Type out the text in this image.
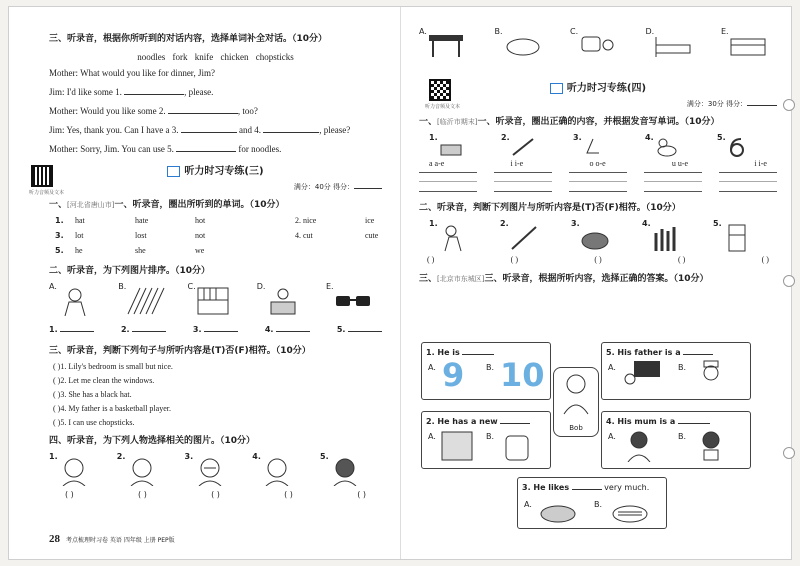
三、听录音，根据你所听到的对话内容，选择单词补全对话。（10分）
noodles fork knife chicken chopsticks
Mother: What would you like for dinner, Jim?
Jim: I'd like some 1.	, please.
Mother: Would you like some 2.	, too?
Jim: Yes, thank you. Can I have a 3.	and 4.	, please?
Mother: Sorry, Jim. You can use 5.	for noodles.
听力音频及文本
听力时习专练(三)
满分：40分 得分：
一、[河北省唐山市]一、听录音，圈出所听到的单词。（10分）
1.	hat	hate	hot	2. nice	ice
3.	lot	lost	not	4. cut	cute
5.	he	she	we
二、听录音，为下列图片排序。（10分）
A.	B.	C.	D.	E.
1.	2.	3.	4.	5.
三、听录音，判断下列句子与所听内容是(T)否(F)相符。（10分）
( )1. Lily's bedroom is small but nice.
( )2. Let me clean the windows.
( )3. She has a black hat.
( )4. My father is a basketball player.
( )5. I can use chopsticks.
四、听录音，为下列人物选择相关的图片。（10分）
1.	2.	3.	4.	5.
( )	( )	( )	( )	( )
28 考点梳理时习卷 英语 四年级 上册 PEP版
A.	B.	C.	D.	E.
听力音频及文本
听力时习专练(四)
满分：30分 得分：
一、[临沂市期末]一、听录音，圈出正确的内容，并根据发音写单词。（10分）
1.	2.	3.	4.	5.
a a-e	i i-e	o o-e	u u-e	i i-e
二、听录音，判断下列图片与所听内容是(T)否(F)相符。（10分）
1.	2.	3.	4.	5.
( )	( )	( )	( )	( )
三、[北京市东城区]三、听录音，根据所听内容，选择正确的答案。（10分）
1. He is
A. 9	B. 10
2. He has a new
A.	B.
Bob
5. His father is a
A.	B.
4. His mum is a
A.	B.
3. He likes	very much.
A.	B.
